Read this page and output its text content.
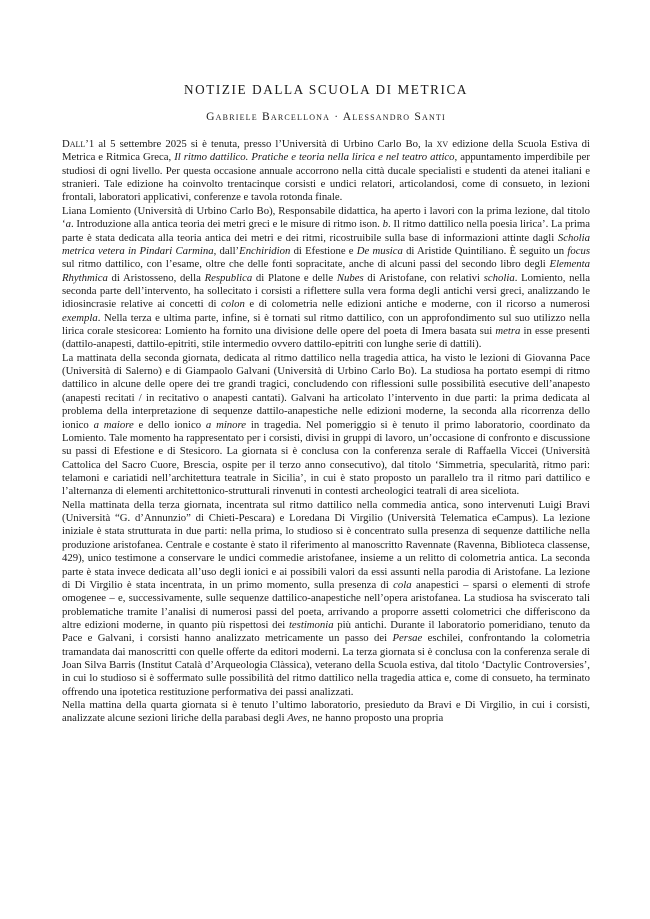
NOTIZIE DALLA SCUOLA DI METRICA
Gabriele Barcellona · Alessandro Santi

Dall’1 al 5 settembre 2025 si è tenuta, presso l’Università di Urbino Carlo Bo, la xv edizione della Scuola Estiva di Metrica e Ritmica Greca, Il ritmo dattilico. Pratiche e teoria nella lirica e nel teatro attico, appuntamento imperdibile per studiosi di ogni livello. Per questa occasione annuale accorrono nella città ducale specialisti e studenti da atenei italiani e stranieri. Tale edizione ha coinvolto trentacinque corsisti e undici relatori, articolandosi, come di consueto, in lezioni frontali, laboratori applicativi, conferenze e tavola rotonda finale.

Liana Lomiento (Università di Urbino Carlo Bo), Responsabile didattica, ha aperto i lavori con la prima lezione, dal titolo ‘a. Introduzione alla antica teoria dei metri greci e le misure di ritmo ison. b. Il ritmo dattilico nella poesia lirica’. La prima parte è stata dedicata alla teoria antica dei metri e dei ritmi, ricostruibile sulla base di informazioni attinte dagli Scholia metrica vetera in Pindari Carmina, dall’Enchiridion di Efestione e De musica di Aristide Quintiliano. È seguito un focus sul ritmo dattilico, con l’esame, oltre che delle fonti sopracitate, anche di alcuni passi del secondo libro degli Elementa Rhythmica di Aristosseno, della Respublica di Platone e delle Nubes di Aristofane, con relativi scholia. Lomiento, nella seconda parte dell’intervento, ha sollecitato i corsisti a riflettere sulla vera forma degli antichi versi greci, analizzando le idiosincrasie relative ai concetti di colon e di colometria nelle edizioni antiche e moderne, con il ricorso a numerosi exempla. Nella terza e ultima parte, infine, si è tornati sul ritmo dattilico, con un approfondimento sul suo utilizzo nella lirica corale stesicorea: Lomiento ha fornito una divisione delle opere del poeta di Imera basata sui metra in esse presenti (dattilo-anapesti, dattilo-epitriti, stile intermedio ovvero dattilo-epitriti con lunghe serie di dattili).

La mattinata della seconda giornata, dedicata al ritmo dattilico nella tragedia attica, ha visto le lezioni di Giovanna Pace (Università di Salerno) e di Giampaolo Galvani (Università di Urbino Carlo Bo). La studiosa ha portato esempi di ritmo dattilico in alcune delle opere dei tre grandi tragici, concludendo con riflessioni sulle possibilità esecutive dell’anapesto (anapesti recitati / in recitativo o anapesti cantati). Galvani ha articolato l’intervento in due parti: la prima dedicata al problema della interpretazione di sequenze dattilo-anapestiche nelle edizioni moderne, la seconda alla ricorrenza dello ionico a maiore e dello ionico a minore in tragedia. Nel pomeriggio si è tenuto il primo laboratorio, coordinato da Lomiento. Tale momento ha rappresentato per i corsisti, divisi in gruppi di lavoro, un’occasione di confronto e discussione su passi di Efestione e di Stesicoro. La giornata si è conclusa con la conferenza serale di Raffaella Viccei (Università Cattolica del Sacro Cuore, Brescia, ospite per il terzo anno consecutivo), dal titolo ‘Simmetria, specularità, ritmo pari: telamoni e cariatidi nell’architettura teatrale in Sicilia’, in cui è stato proposto un parallelo tra il ritmo pari dattilico e l’alternanza di elementi architettonico-strutturali rinvenuti in contesti archeologici teatrali di area siceliota.

Nella mattinata della terza giornata, incentrata sul ritmo dattilico nella commedia antica, sono intervenuti Luigi Bravi (Università “G. d’Annunzio” di Chieti-Pescara) e Loredana Di Virgilio (Università Telematica eCampus). La lezione iniziale è stata strutturata in due parti: nella prima, lo studioso si è concentrato sulla presenza di sequenze dattiliche nella produzione aristofanea. Centrale e costante è stato il riferimento al manoscritto Ravennate (Ravenna, Biblioteca classense, 429), unico testimone a conservare le undici commedie aristofanee, insieme a un relitto di colometria antica. La seconda parte è stata invece dedicata all’uso degli ionici e ai possibili valori da essi assunti nella parodia di Aristofane. La lezione di Di Virgilio è stata incentrata, in un primo momento, sulla presenza di cola anapestici – sparsi o elementi di strofe omogenee – e, successivamente, sulle sequenze dattilico-anapestiche nell’opera aristofanea. La studiosa ha sviscerato tali problematiche tramite l’analisi di numerosi passi del poeta, arrivando a proporre assetti colometrici che differiscono da altre edizioni moderne, in quanto più rispettosi dei testimonia più antichi. Durante il laboratorio pomeridiano, tenuto da Pace e Galvani, i corsisti hanno analizzato metricamente un passo dei Persae eschilei, confrontando la colometria tramandata dai manoscritti con quelle offerte da editori moderni. La terza giornata si è conclusa con la conferenza serale di Joan Silva Barris (Institut Català d’Arqueologia Clàssica), veterano della Scuola estiva, dal titolo ‘Dactylic Controversies’, in cui lo studioso si è soffermato sulle possibilità del ritmo dattilico nella tragedia attica e, come di consueto, ha terminato offrendo una ipotetica restituzione performativa dei passi analizzati.

Nella mattina della quarta giornata si è tenuto l’ultimo laboratorio, presieduto da Bravi e Di Virgilio, in cui i corsisti, analizzate alcune sezioni liriche della parabasi degli Aves, ne hanno proposto una propria
